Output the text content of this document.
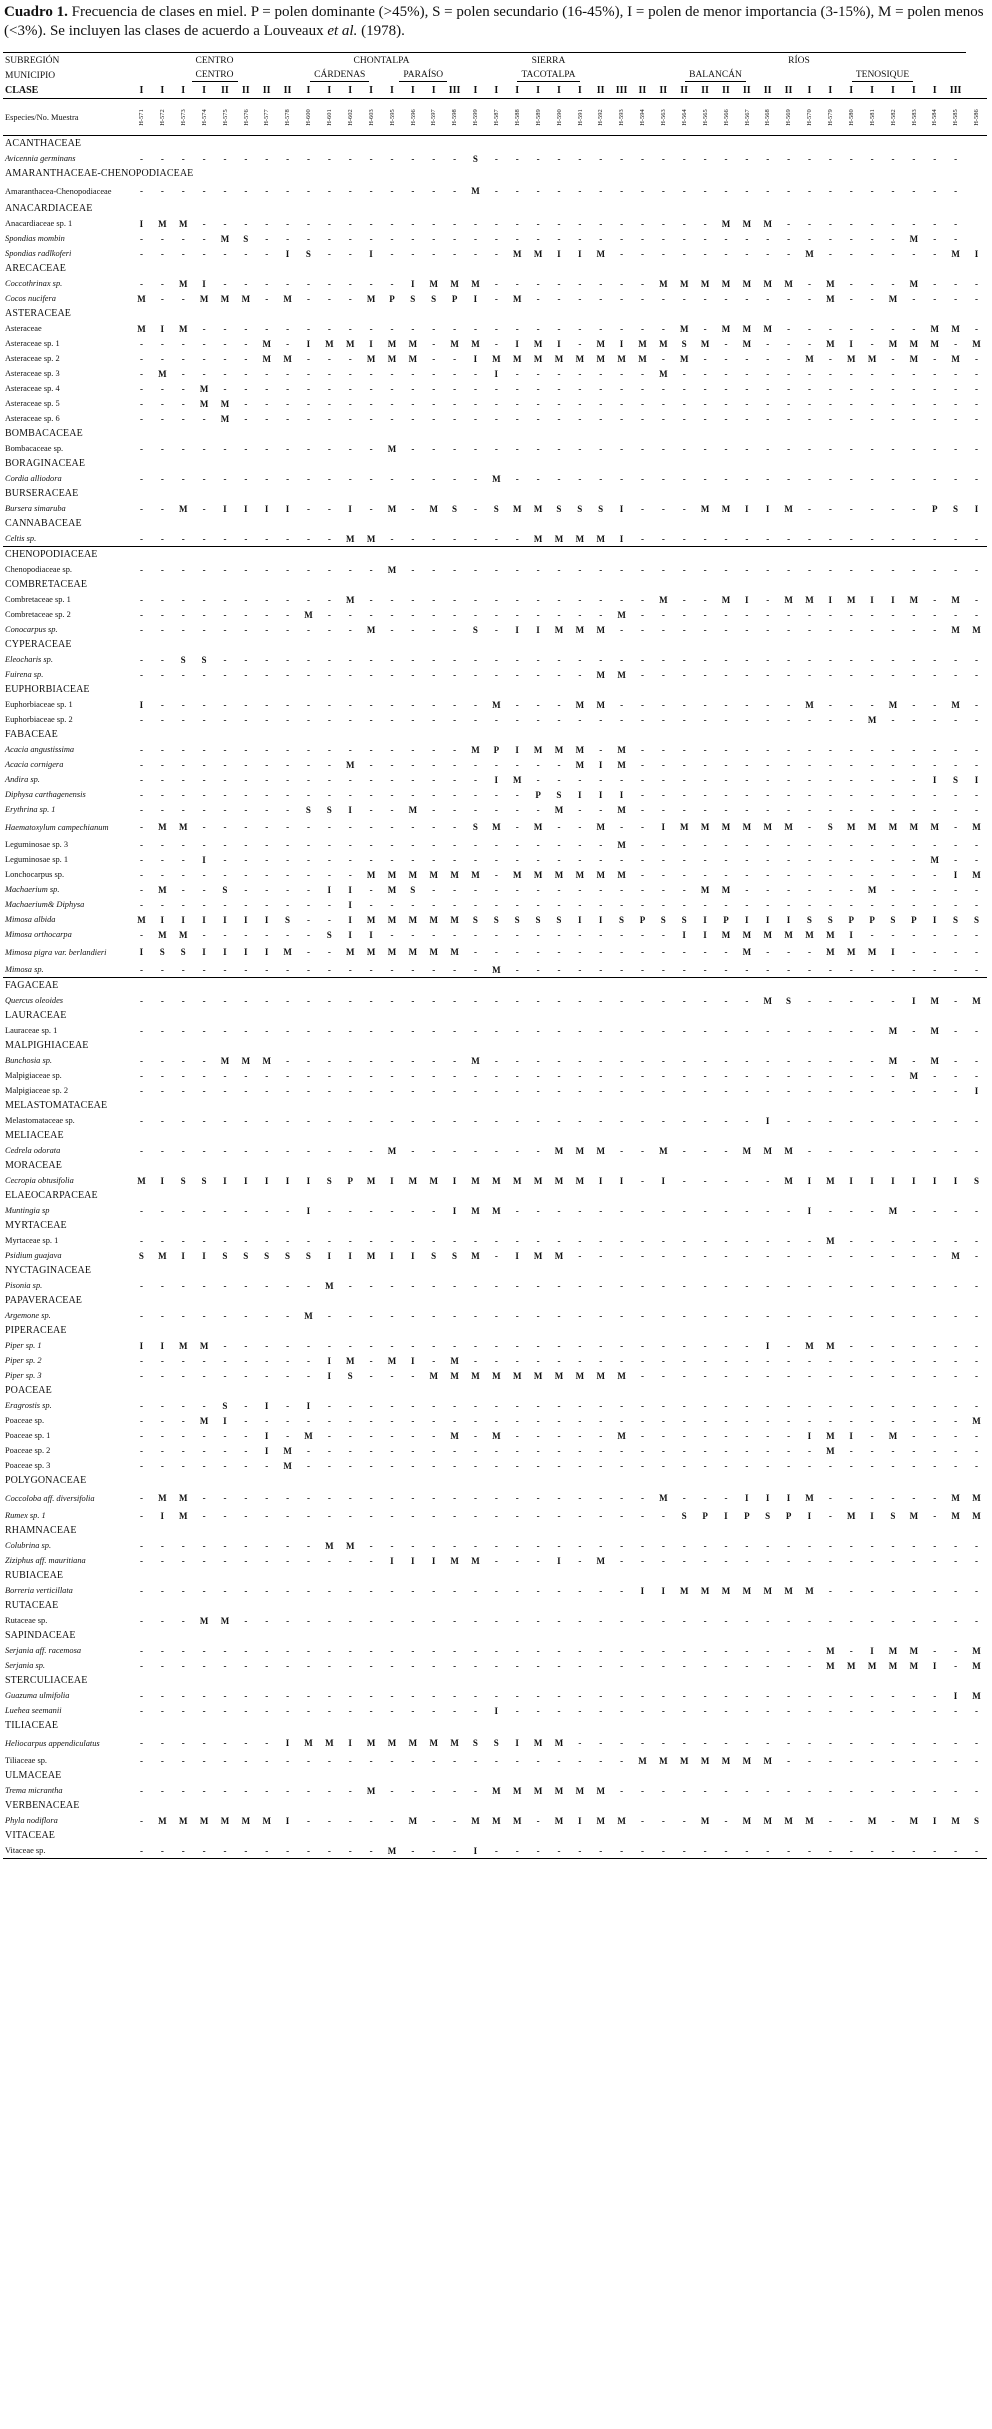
Cuadro 1. Frecuencia de clases en miel. P = polen dominante (>45%), S = polen secundario (16-45%), I = polen de menor importancia (3-15%), M = polen menos (<3%). Se incluyen las clases de acuerdo a Louveaux et al. (1978).
SUBREGIÓN	CENTRO								CHONTALPA								SIERRA								RÍOS																
MUNICIPIO	CENTRO								CÁRDENAS				PARAÍSO				TACOTALPA								BALANCÁN								TENOSIQUE								
CLASE	I	I	I	I	II	II	II	II	I	I	I	I	I	I	I	III	I	I	I	I	I	I	II	III	II	II	II	II	II	II	II	II	I	I	I	I	I	I	I	III	
Especies/No. Muestra	H-571	H-572	H-573	H-574	H-575	H-576	H-577	H-578	H-600	H-601	H-602	H-603	H-595	H-596	H-597	H-598	H-599	H-587	H-588	H-589	H-590	H-591	H-592	H-593	H-594	H-563	H-564	H-565	H-566	H-567	H-568	H-569	H-570	H-579	H-580	H-581	H-582	H-583	H-584	H-585	H-586
ACANTHACEAE																																									
Avicennia germinans	-	-	-	-	-	-	-	-	-	-	-	-	-	-	-	-	S	-	-	-	-	-	-	-	-	-	-	-	-	-	-	-	-	-	-	-	-	-	-	-	
AMARANTHACEAE-CHENOPODIACEAE																																									
Amaranthacea-Chenopodiaceae	-	-	-	-	-	-	-	-	-	-	-	-	-	-	-	-	M	-	-	-	-	-	-	-	-	-	-	-	-	-	-	-	-	-	-	-	-	-	-	-	
ANACARDIACEAE																																									
Anacardiaceae sp. 1	I	M	M	-	-	-	-	-	-	-	-	-	-	-	-	-	-	-	-	-	-	-	-	-	-	-	-	-	M	M	M	-	-	-	-	-	-	-	-	-	
Spondias mombin	-	-	-	-	M	S	-	-	-	-	-	-	-	-	-	-	-	-	-	-	-	-	-	-	-	-	-	-	-	-	-	-	-	-	-	-	-	M	-	-	
Spondias radlkoferi	-	-	-	-	-	-	-	I	S	-	-	I	-	-	-	-	-	-	M	M	I	I	M	-	-	-	-	-	-	-	-	-	M	-	-	-	-	-	-	M	I
ARECACEAE																																									
Coccothrinax sp.	-	-	M	I	-	-	-	-	-	-	-	-	-	I	M	M	M	-	-	-	-	-	-	-	-	M	M	M	M	M	M	M	-	M	-	-	-	M	-	-	-
Cocos nucifera	M	-	-	M	M	M	-	M	-	-	-	M	P	S	S	P	I	-	M	-	-	-	-	-	-	-	-	-	-	-	-	-	-	M	-	-	M	-	-	-	-
ASTERACEAE																																									
Asteraceae	M	I	M	-	-	-	-	-	-	-	-	-	-	-	-	-	-	-	-	-	-	-	-	-	-	-	M	-	M	M	M	-	-	-	-	-	-	-	M	M	-
Asteraceae sp. 1	-	-	-	-	-	-	M	-	I	M	M	I	M	M	-	M	M	-	I	M	I	-	M	I	M	M	S	M	-	M	-	-	-	M	I	-	M	M	M	-	M
Asteraceae sp. 2	-	-	-	-	-	-	M	M	-	-	-	M	M	M	-	-	I	M	M	M	M	M	M	M	M	-	M	-	-	-	-	-	M	-	M	M	-	M	-	M	-
Asteraceae sp. 3	-	M	-	-	-	-	-	-	-	-	-	-	-	-	-	-	-	I	-	-	-	-	-	-	-	M	-	-	-	-	-	-	-	-	-	-	-	-	-	-	-
Asteraceae sp. 4	-	-	-	M	-	-	-	-	-	-	-	-	-	-	-	-	-	-	-	-	-	-	-	-	-	-	-	-	-	-	-	-	-	-	-	-	-	-	-	-	-
Asteraceae sp. 5	-	-	-	M	M	-	-	-	-	-	-	-	-	-	-	-	-	-	-	-	-	-	-	-	-	-	-	-	-	-	-	-	-	-	-	-	-	-	-	-	-
Asteraceae sp. 6	-	-	-	-	M	-	-	-	-	-	-	-	-	-	-	-	-	-	-	-	-	-	-	-	-	-	-	-	-	-	-	-	-	-	-	-	-	-	-	-	-
BOMBACACEAE																																									
Bombacaceae sp.	-	-	-	-	-	-	-	-	-	-	-	-	M	-	-	-	-	-	-	-	-	-	-	-	-	-	-	-	-	-	-	-	-	-	-	-	-	-	-	-	-
BORAGINACEAE																																									
Cordia alliodora	-	-	-	-	-	-	-	-	-	-	-	-	-	-	-	-	-	M	-	-	-	-	-	-	-	-	-	-	-	-	-	-	-	-	-	-	-	-	-	-	-
BURSERACEAE																																									
Bursera simaruba	-	-	M	-	I	I	I	I	-	-	I	-	M	-	M	S	-	S	M	M	S	S	S	I	-	-	-	M	M	I	I	M	-	-	-	-	-	-	P	S	I
CANNABACEAE																																									
Celtis sp.	-	-	-	-	-	-	-	-	-	-	M	M	-	-	-	-	-	-	-	M	M	M	M	I	-	-	-	-	-	-	-	-	-	-	-	-	-	-	-	-	-
CHENOPODIACEAE																																									
Chenopodiaceae sp.	-	-	-	-	-	-	-	-	-	-	-	-	M	-	-	-	-	-	-	-	-	-	-	-	-	-	-	-	-	-	-	-	-	-	-	-	-	-	-	-	-
COMBRETACEAE																																									
Combretaceae sp. 1	-	-	-	-	-	-	-	-	-	-	M	-	-	-	-	-	-	-	-	-	-	-	-	-	-	M	-	-	M	I	-	M	M	I	M	I	I	M	-	M	-
Combretaceae sp. 2	-	-	-	-	-	-	-	-	M	-	-	-	-	-	-	-	-	-	-	-	-	-	-	M	-	-	-	-	-	-	-	-	-	-	-	-	-	-	-	-	-
Conocarpus sp.	-	-	-	-	-	-	-	-	-	-	-	M	-	-	-	-	S	-	I	I	M	M	M	-	-	-	-	-	-	-	-	-	-	-	-	-	-	-	-	M	M
CYPERACEAE																																									
Eleocharis sp.	-	-	S	S	-	-	-	-	-	-	-	-	-	-	-	-	-	-	-	-	-	-	-	-	-	-	-	-	-	-	-	-	-	-	-	-	-	-	-	-	-
Fuirena sp.	-	-	-	-	-	-	-	-	-	-	-	-	-	-	-	-	-	-	-	-	-	-	M	M	-	-	-	-	-	-	-	-	-	-	-	-	-	-	-	-	-
EUPHORBIACEAE																																									
Euphorbiaceae sp. 1	I	-	-	-	-	-	-	-	-	-	-	-	-	-	-	-	-	M	-	-	-	M	M	-	-	-	-	-	-	-	-	-	M	-	-	-	M	-	-	M	-
Euphorbiaceae sp. 2	-	-	-	-	-	-	-	-	-	-	-	-	-	-	-	-	-	-	-	-	-	-	-	-	-	-	-	-	-	-	-	-	-	-	-	M	-	-	-	-	-
FABACEAE																																									
Acacia angustissima	-	-	-	-	-	-	-	-	-	-	-	-	-	-	-	-	M	P	I	M	M	M	-	M	-	-	-	-	-	-	-	-	-	-	-	-	-	-	-	-	-
Acacia cornigera	-	-	-	-	-	-	-	-	-	-	M	-	-	-	-	-	-	-	-	-	-	M	I	M	-	-	-	-	-	-	-	-	-	-	-	-	-	-	-	-	-
Andira sp.	-	-	-	-	-	-	-	-	-	-	-	-	-	-	-	-	-	I	M	-	-	-	-	-	-	-	-	-	-	-	-	-	-	-	-	-	-	-	I	S	I
Diphysa carthagenensis	-	-	-	-	-	-	-	-	-	-	-	-	-	-	-	-	-	-	-	P	S	I	I	I	-	-	-	-	-	-	-	-	-	-	-	-	-	-	-	-	-
Erythrina sp. 1	-	-	-	-	-	-	-	-	S	S	I	-	-	M	-	-	-	-	-	-	M	-	-	M	-	-	-	-	-	-	-	-	-	-	-	-	-	-	-	-	-
Haematoxylum campechianum	-	M	M	-	-	-	-	-	-	-	-	-	-	-	-	-	S	M	-	M	-	-	M	-	-	I	M	M	M	M	M	M	-	S	M	M	M	M	M	-	M
Leguminosae sp. 3	-	-	-	-	-	-	-	-	-	-	-	-	-	-	-	-	-	-	-	-	-	-	-	M	-	-	-	-	-	-	-	-	-	-	-	-	-	-	-	-	-
Leguminosae sp. 1	-	-	-	I	-	-	-	-	-	-	-	-	-	-	-	-	-	-	-	-	-	-	-	-	-	-	-	-	-	-	-	-	-	-	-	-	-	-	M	-	-
Lonchocarpus sp.	-	-	-	-	-	-	-	-	-	-	-	M	M	M	M	M	M	-	M	M	M	M	M	M	-	-	-	-	-	-	-	-	-	-	-	-	-	-	-	I	M
Machaerium sp.	-	M	-	-	S	-	-	-	-	I	I	-	M	S	-	-	-	-	-	-	-	-	-	-	-	-	-	M	M	-	-	-	-	-	-	M	-	-	-	-	-
Machaerium& Diphysa	-	-	-	-	-	-	-	-	-	-	I	-	-	-	-	-	-	-	-	-	-	-	-	-	-	-	-	-	-	-	-	-	-	-	-	-	-	-	-	-	-
Mimosa albida	M	I	I	I	I	I	I	S	-	-	I	M	M	M	M	M	S	S	S	S	S	I	I	S	P	S	S	I	P	I	I	I	S	S	P	P	S	P	I	S	S
Mimosa orthocarpa	-	M	M	-	-	-	-	-	-	S	I	I	-	-	-	-	-	-	-	-	-	-	-	-	-	-	I	I	M	M	M	M	M	M	I	-	-	-	-	-	-
Mimosa pigra var. berlandieri	I	S	S	I	I	I	I	M	-	-	M	M	M	M	M	M	-	-	-	-	-	-	-	-	-	-	-	-	-	M	-	-	-	M	M	M	I	-	-	-	-
Mimosa sp.	-	-	-	-	-	-	-	-	-	-	-	-	-	-	-	-	-	M	-	-	-	-	-	-	-	-	-	-	-	-	-	-	-	-	-	-	-	-	-	-	-
FAGACEAE																																									
Quercus oleoides	-	-	-	-	-	-	-	-	-	-	-	-	-	-	-	-	-	-	-	-	-	-	-	-	-	-	-	-	-	-	M	S	-	-	-	-	-	I	M	-	M
LAURACEAE																																									
Lauraceae sp. 1	-	-	-	-	-	-	-	-	-	-	-	-	-	-	-	-	-	-	-	-	-	-	-	-	-	-	-	-	-	-	-	-	-	-	-	-	M	-	M	-	-
MALPIGHIACEAE																																									
Bunchosia sp.	-	-	-	-	M	M	M	-	-	-	-	-	-	-	-	-	M	-	-	-	-	-	-	-	-	-	-	-	-	-	-	-	-	-	-	-	M	-	M	-	-
Malpigiaceae sp.	-	-	-	-	-	-	-	-	-	-	-	-	-	-	-	-	-	-	-	-	-	-	-	-	-	-	-	-	-	-	-	-	-	-	-	-	-	M	-	-	-
Malpigiaceae sp. 2	-	-	-	-	-	-	-	-	-	-	-	-	-	-	-	-	-	-	-	-	-	-	-	-	-	-	-	-	-	-	-	-	-	-	-	-	-	-	-	-	I
MELASTOMATACEAE																																									
Melastomataceae sp.	-	-	-	-	-	-	-	-	-	-	-	-	-	-	-	-	-	-	-	-	-	-	-	-	-	-	-	-	-	-	I	-	-	-	-	-	-	-	-	-	-
MELIACEAE																																									
Cedrela odorata	-	-	-	-	-	-	-	-	-	-	-	-	M	-	-	-	-	-	-	-	M	M	M	-	-	M	-	-	-	M	M	M	-	-	-	-	-	-	-	-	-
MORACEAE																																									
Cecropia obtusifolia	M	I	S	S	I	I	I	I	I	S	P	M	I	M	M	I	M	M	M	M	M	M	I	I	-	I	-	-	-	-	-	M	I	M	I	I	I	I	I	I	S
ELAEOCARPACEAE																																									
Muntingia sp	-	-	-	-	-	-	-	-	I	-	-	-	-	-	-	I	M	M	-	-	-	-	-	-	-	-	-	-	-	-	-	-	I	-	-	-	M	-	-	-	-
MYRTACEAE																																									
Myrtaceae sp. 1	-	-	-	-	-	-	-	-	-	-	-	-	-	-	-	-	-	-	-	-	-	-	-	-	-	-	-	-	-	-	-	-	-	M	-	-	-	-	-	-	-
Psidium guajava	S	M	I	I	S	S	S	S	S	I	I	M	I	I	S	S	M	-	I	M	M	-	-	-	-	-	-	-	-	-	-	-	-	-	-	-	-	-	-	M	-
NYCTAGINACEAE																																									
Pisonia sp.	-	-	-	-	-	-	-	-	-	M	-	-	-	-	-	-	-	-	-	-	-	-	-	-	-	-	-	-	-	-	-	-	-	-	-	-	-	-	-	-	-
PAPAVERACEAE																																									
Argemone sp.	-	-	-	-	-	-	-	-	M	-	-	-	-	-	-	-	-	-	-	-	-	-	-	-	-	-	-	-	-	-	-	-	-	-	-	-	-	-	-	-	-
PIPERACEAE																																									
Piper sp. 1	I	I	M	M	-	-	-	-	-	-	-	-	-	-	-	-	-	-	-	-	-	-	-	-	-	-	-	-	-	-	I	-	M	M	-	-	-	-	-	-	-
Piper sp. 2	-	-	-	-	-	-	-	-	-	I	M	-	M	I	-	M	-	-	-	-	-	-	-	-	-	-	-	-	-	-	-	-	-	-	-	-	-	-	-	-	-
Piper sp. 3	-	-	-	-	-	-	-	-	-	I	S	-	-	-	M	M	M	M	M	M	M	M	M	M	-	-	-	-	-	-	-	-	-	-	-	-	-	-	-	-	-
POACEAE																																									
Eragrostis sp.	-	-	-	-	S	-	I	-	I	-	-	-	-	-	-	-	-	-	-	-	-	-	-	-	-	-	-	-	-	-	-	-	-	-	-	-	-	-	-	-	-
Poaceae sp.	-	-	-	M	I	-	-	-	-	-	-	-	-	-	-	-	-	-	-	-	-	-	-	-	-	-	-	-	-	-	-	-	-	-	-	-	-	-	-	-	M
Poaceae sp. 1	-	-	-	-	-	-	I	-	M	-	-	-	-	-	-	M	-	M	-	-	-	-	-	M	-	-	-	-	-	-	-	-	I	M	I	-	M	-	-	-	-
Poaceae sp. 2	-	-	-	-	-	-	I	M	-	-	-	-	-	-	-	-	-	-	-	-	-	-	-	-	-	-	-	-	-	-	-	-	-	M	-	-	-	-	-	-	-
Poaceae sp. 3	-	-	-	-	-	-	-	M	-	-	-	-	-	-	-	-	-	-	-	-	-	-	-	-	-	-	-	-	-	-	-	-	-	-	-	-	-	-	-	-	-
POLYGONACEAE																																									
Coccoloba aff. diversifolia	-	M	M	-	-	-	-	-	-	-	-	-	-	-	-	-	-	-	-	-	-	-	-	-	-	M	-	-	-	I	I	I	M	-	-	-	-	-	-	M	M
Rumex sp. 1	-	I	M	-	-	-	-	-	-	-	-	-	-	-	-	-	-	-	-	-	-	-	-	-	-	-	S	P	I	P	S	P	I	-	M	I	S	M	-	M	M
RHAMNACEAE																																									
Colubrina sp.	-	-	-	-	-	-	-	-	-	M	M	-	-	-	-	-	-	-	-	-	-	-	-	-	-	-	-	-	-	-	-	-	-	-	-	-	-	-	-	-	-
Ziziphus aff. mauritiana	-	-	-	-	-	-	-	-	-	-	-	-	I	I	I	M	M	-	-	-	I	-	M	-	-	-	-	-	-	-	-	-	-	-	-	-	-	-	-	-	-
RUBIACEAE																																									
Borreria verticillata	-	-	-	-	-	-	-	-	-	-	-	-	-	-	-	-	-	-	-	-	-	-	-	-	I	I	M	M	M	M	M	M	M	-	-	-	-	-	-	-	-
RUTACEAE																																									
Rutaceae sp.	-	-	-	M	M	-	-	-	-	-	-	-	-	-	-	-	-	-	-	-	-	-	-	-	-	-	-	-	-	-	-	-	-	-	-	-	-	-	-	-	-
SAPINDACEAE																																									
Serjania aff. racemosa	-	-	-	-	-	-	-	-	-	-	-	-	-	-	-	-	-	-	-	-	-	-	-	-	-	-	-	-	-	-	-	-	-	M	-	I	M	M	-	-	M
Serjania sp.	-	-	-	-	-	-	-	-	-	-	-	-	-	-	-	-	-	-	-	-	-	-	-	-	-	-	-	-	-	-	-	-	-	M	M	M	M	M	I	-	M
STERCULIACEAE																																									
Guazuma ulmifolia	-	-	-	-	-	-	-	-	-	-	-	-	-	-	-	-	-	-	-	-	-	-	-	-	-	-	-	-	-	-	-	-	-	-	-	-	-	-	-	I	M
Luehea seemanii	-	-	-	-	-	-	-	-	-	-	-	-	-	-	-	-	-	I	-	-	-	-	-	-	-	-	-	-	-	-	-	-	-	-	-	-	-	-	-	-	-
TILIACEAE																																									
Heliocarpus appendiculatus	-	-	-	-	-	-	-	I	M	M	I	M	M	M	M	M	S	S	I	M	M	-	-	-	-	-	-	-	-	-	-	-	-	-	-	-	-	-	-	-	-
Tiliaceae sp.	-	-	-	-	-	-	-	-	-	-	-	-	-	-	-	-	-	-	-	-	-	-	-	-	M	M	M	M	M	M	M	-	-	-	-	-	-	-	-	-	-
ULMACEAE																																									
Trema micrantha	-	-	-	-	-	-	-	-	-	-	-	M	-	-	-	-	-	M	M	M	M	M	M	-	-	-	-	-	-	-	-	-	-	-	-	-	-	-	-	-	-
VERBENACEAE																																									
Phyla nodiflora	-	M	M	M	M	M	M	I	-	-	-	-	-	M	-	-	M	M	M	-	M	I	M	M	-	-	-	M	-	M	M	M	M	-	-	M	-	M	I	M	S
VITACEAE																																									
Vitaceae sp.	-	-	-	-	-	-	-	-	-	-	-	-	M	-	-	-	I	-	-	-	-	-	-	-	-	-	-	-	-	-	-	-	-	-	-	-	-	-	-	-	-
